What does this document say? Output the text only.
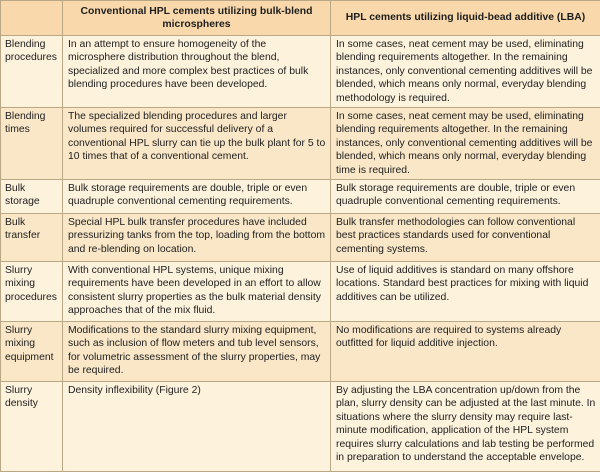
	Conventional HPL cements utilizing bulk-blend microspheres	HPL cements utilizing liquid-bead additive (LBA)
Blending procedures	In an attempt to ensure homogeneity of the microsphere distribution throughout the blend, specialized and more complex best practices of bulk blending procedures have been developed.	In some cases, neat cement may be used, eliminating blending requirements altogether. In the remaining instances, only conventional cementing additives will be blended, which means only normal, everyday blending methodology is required.
Blending times	The specialized blending procedures and larger volumes required for successful delivery of a conventional HPL slurry can tie up the bulk plant for 5 to 10 times that of a conventional cement.	In some cases, neat cement may be used, eliminating blending requirements altogether. In the remaining instances, only conventional cementing additives will be blended, which means only normal, everyday blending time is required.
Bulk storage	Bulk storage requirements are double, triple or even quadruple conventional cementing requirements.	Bulk storage requirements are double, triple or even quadruple conventional cementing requirements.
Bulk transfer	Special HPL bulk transfer procedures have included pressurizing tanks from the top, loading from the bottom and re-blending on location.	Bulk transfer methodologies can follow conventional best practices standards used for conventional cementing systems.
Slurry mixing procedures	With conventional HPL systems, unique mixing requirements have been developed in an effort to allow consistent slurry properties as the bulk material density approaches that of the mix fluid.	Use of liquid additives is standard on many offshore locations. Standard best practices for mixing with liquid additives can be utilized.
Slurry mixing equipment	Modifications to the standard slurry mixing equipment, such as inclusion of flow meters and tub level sensors, for volumetric assessment of the slurry properties, may be required.	No modifications are required to systems already outfitted for liquid additive injection.
Slurry density	Density inflexibility (Figure 2)	By adjusting the LBA concentration up/down from the plan, slurry density can be adjusted at the last minute. In situations where the slurry density may require last-minute modification, application of the HPL system requires slurry calculations and lab testing be performed in preparation to understand the acceptable envelope.
